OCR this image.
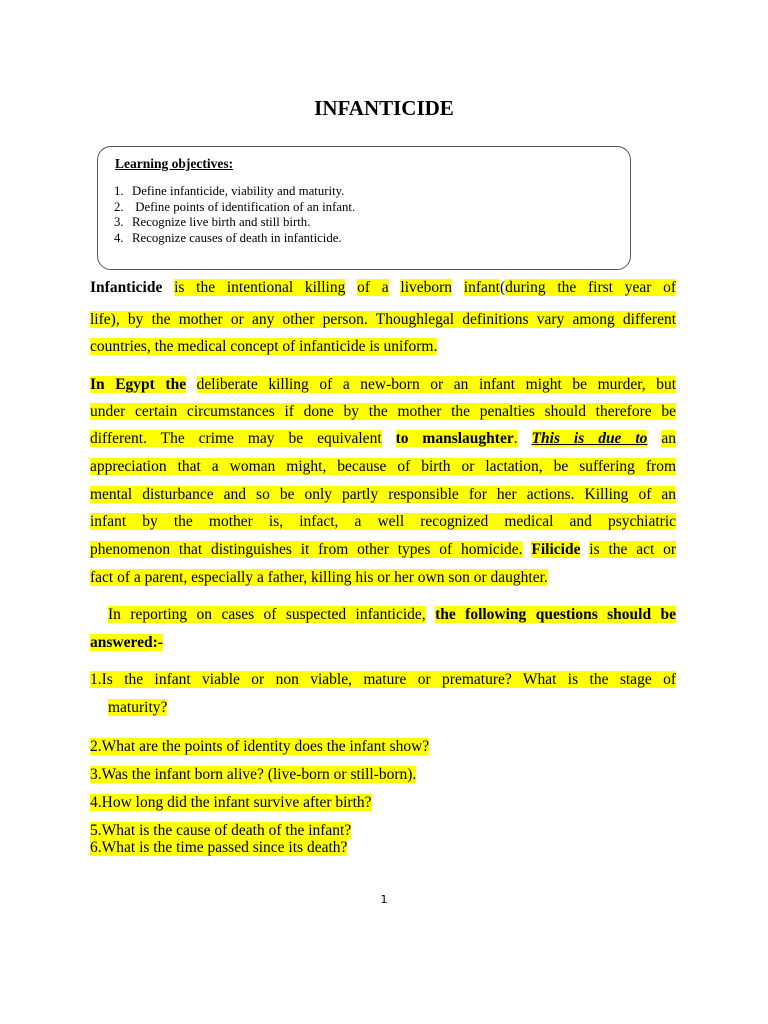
INFANTICIDE
Learning objectives:
1. Define infanticide, viability and maturity.
2. Define points of identification of an infant.
3. Recognize live birth and still birth.
4. Recognize causes of death in infanticide.
Infanticide is the intentional killing of a liveborn infant(during the first year of
life), by the mother or any other person. Thoughlegal definitions vary among different
countries, the medical concept of infanticide is uniform.
In Egypt the deliberate killing of a new-born or an infant might be murder, but
under certain circumstances if done by the mother the penalties should therefore be
different. The crime may be equivalent to manslaughter. This is due to an
appreciation that a woman might, because of birth or lactation, be suffering from
mental disturbance and so be only partly responsible for her actions. Killing of an
infant by the mother is, infact, a well recognized medical and psychiatric
phenomenon that distinguishes it from other types of homicide. Filicide is the act or
fact of a parent, especially a father, killing his or her own son or daughter.
In reporting on cases of suspected infanticide, the following questions should be
answered:-
1.Is the infant viable or non viable, mature or premature? What is the stage of
maturity?
2.What are the points of identity does the infant show?
3.Was the infant born alive? (live-born or still-born).
4.How long did the infant survive after birth?
5.What is the cause of death of the infant?
6.What is the time passed since its death?
1
